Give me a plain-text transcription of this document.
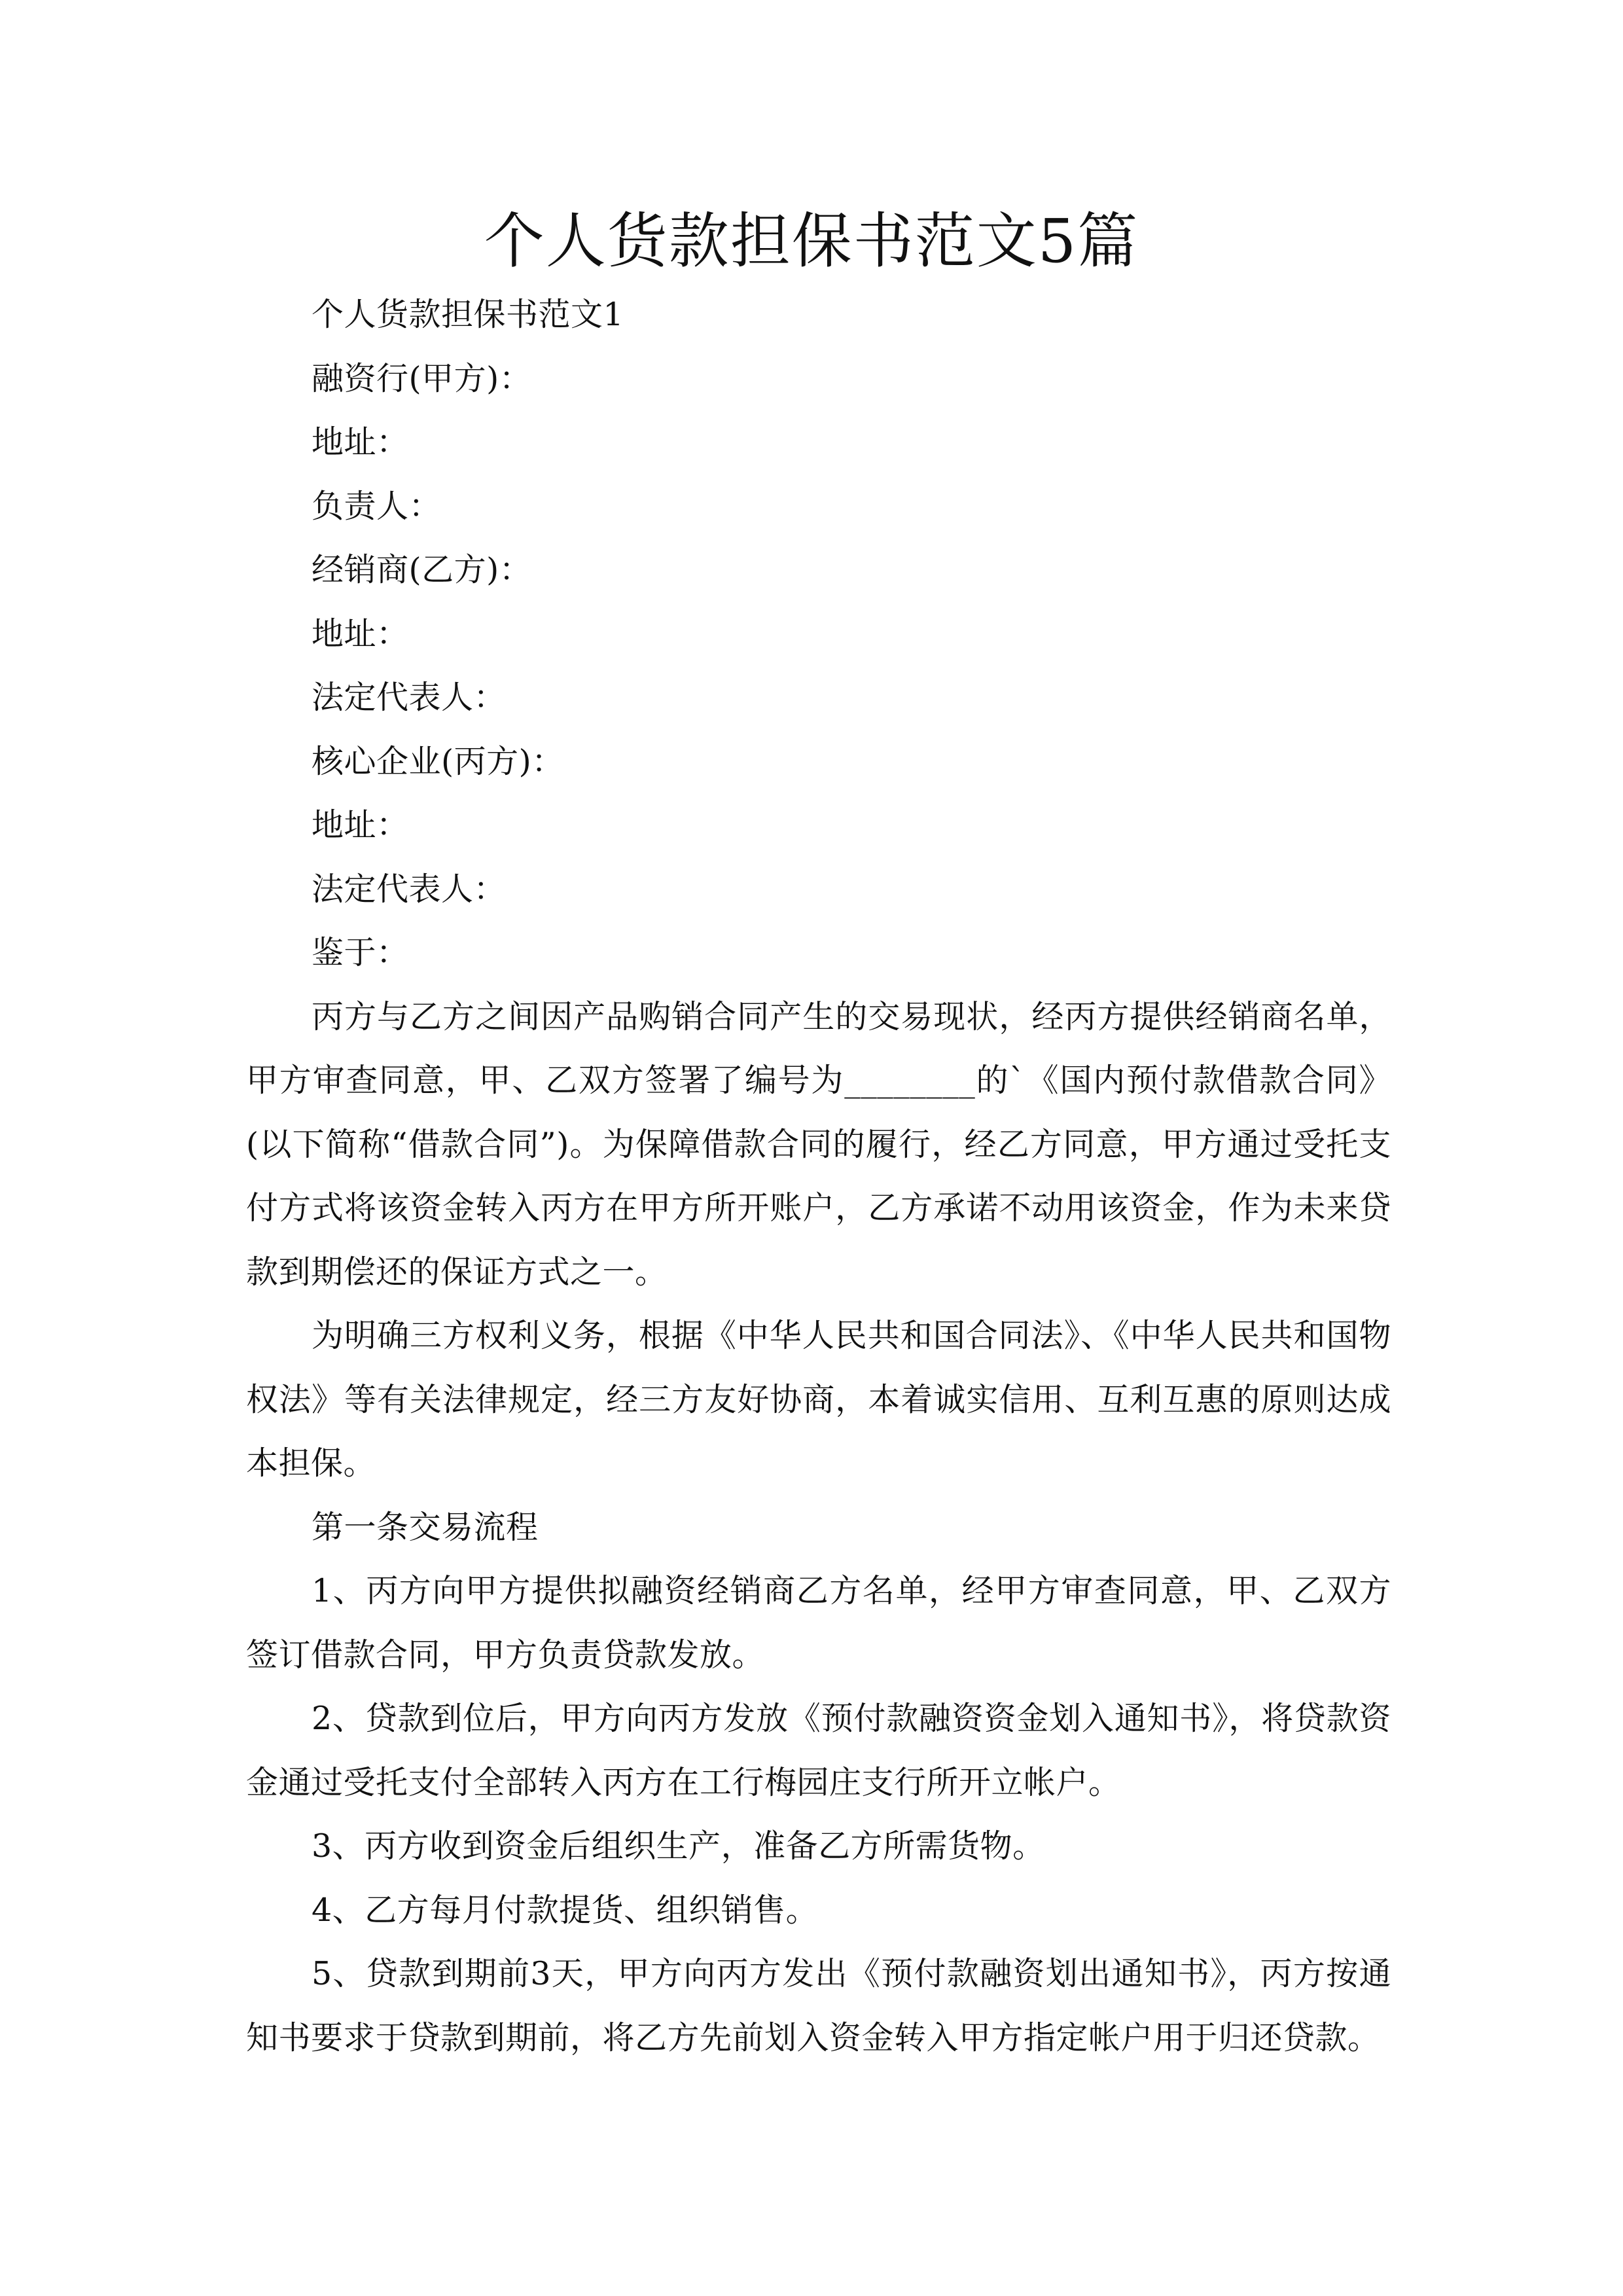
个人货款担保书范文5篇

个人货款担保书范文1

融资行(甲方)：

地址：

负责人：

经销商(乙方)：

地址：

法定代表人：

核心企业(丙方)：

地址：

法定代表人：

鉴于：

丙方与乙方之间因产品购销合同产生的交易现状，经丙方提供经销商名单，甲方审查同意，甲、乙双方签署了编号为________的`《国内预付款借款合同》(以下简称“借款合同”)。为保障借款合同的履行，经乙方同意，甲方通过受托支付方式将该资金转入丙方在甲方所开账户，乙方承诺不动用该资金，作为未来贷款到期偿还的保证方式之一。

为明确三方权利义务，根据《中华人民共和国合同法》、《中华人民共和国物权法》等有关法律规定，经三方友好协商，本着诚实信用、互利互惠的原则达成本担保。

第一条交易流程

1、丙方向甲方提供拟融资经销商乙方名单，经甲方审查同意，甲、乙双方签订借款合同，甲方负责贷款发放。

2、贷款到位后，甲方向丙方发放《预付款融资资金划入通知书》，将贷款资金通过受托支付全部转入丙方在工行梅园庄支行所开立帐户。

3、丙方收到资金后组织生产，准备乙方所需货物。

4、乙方每月付款提货、组织销售。

5、贷款到期前3天，甲方向丙方发出《预付款融资划出通知书》，丙方按通知书要求于贷款到期前，将乙方先前划入资金转入甲方指定帐户用于归还贷款。
